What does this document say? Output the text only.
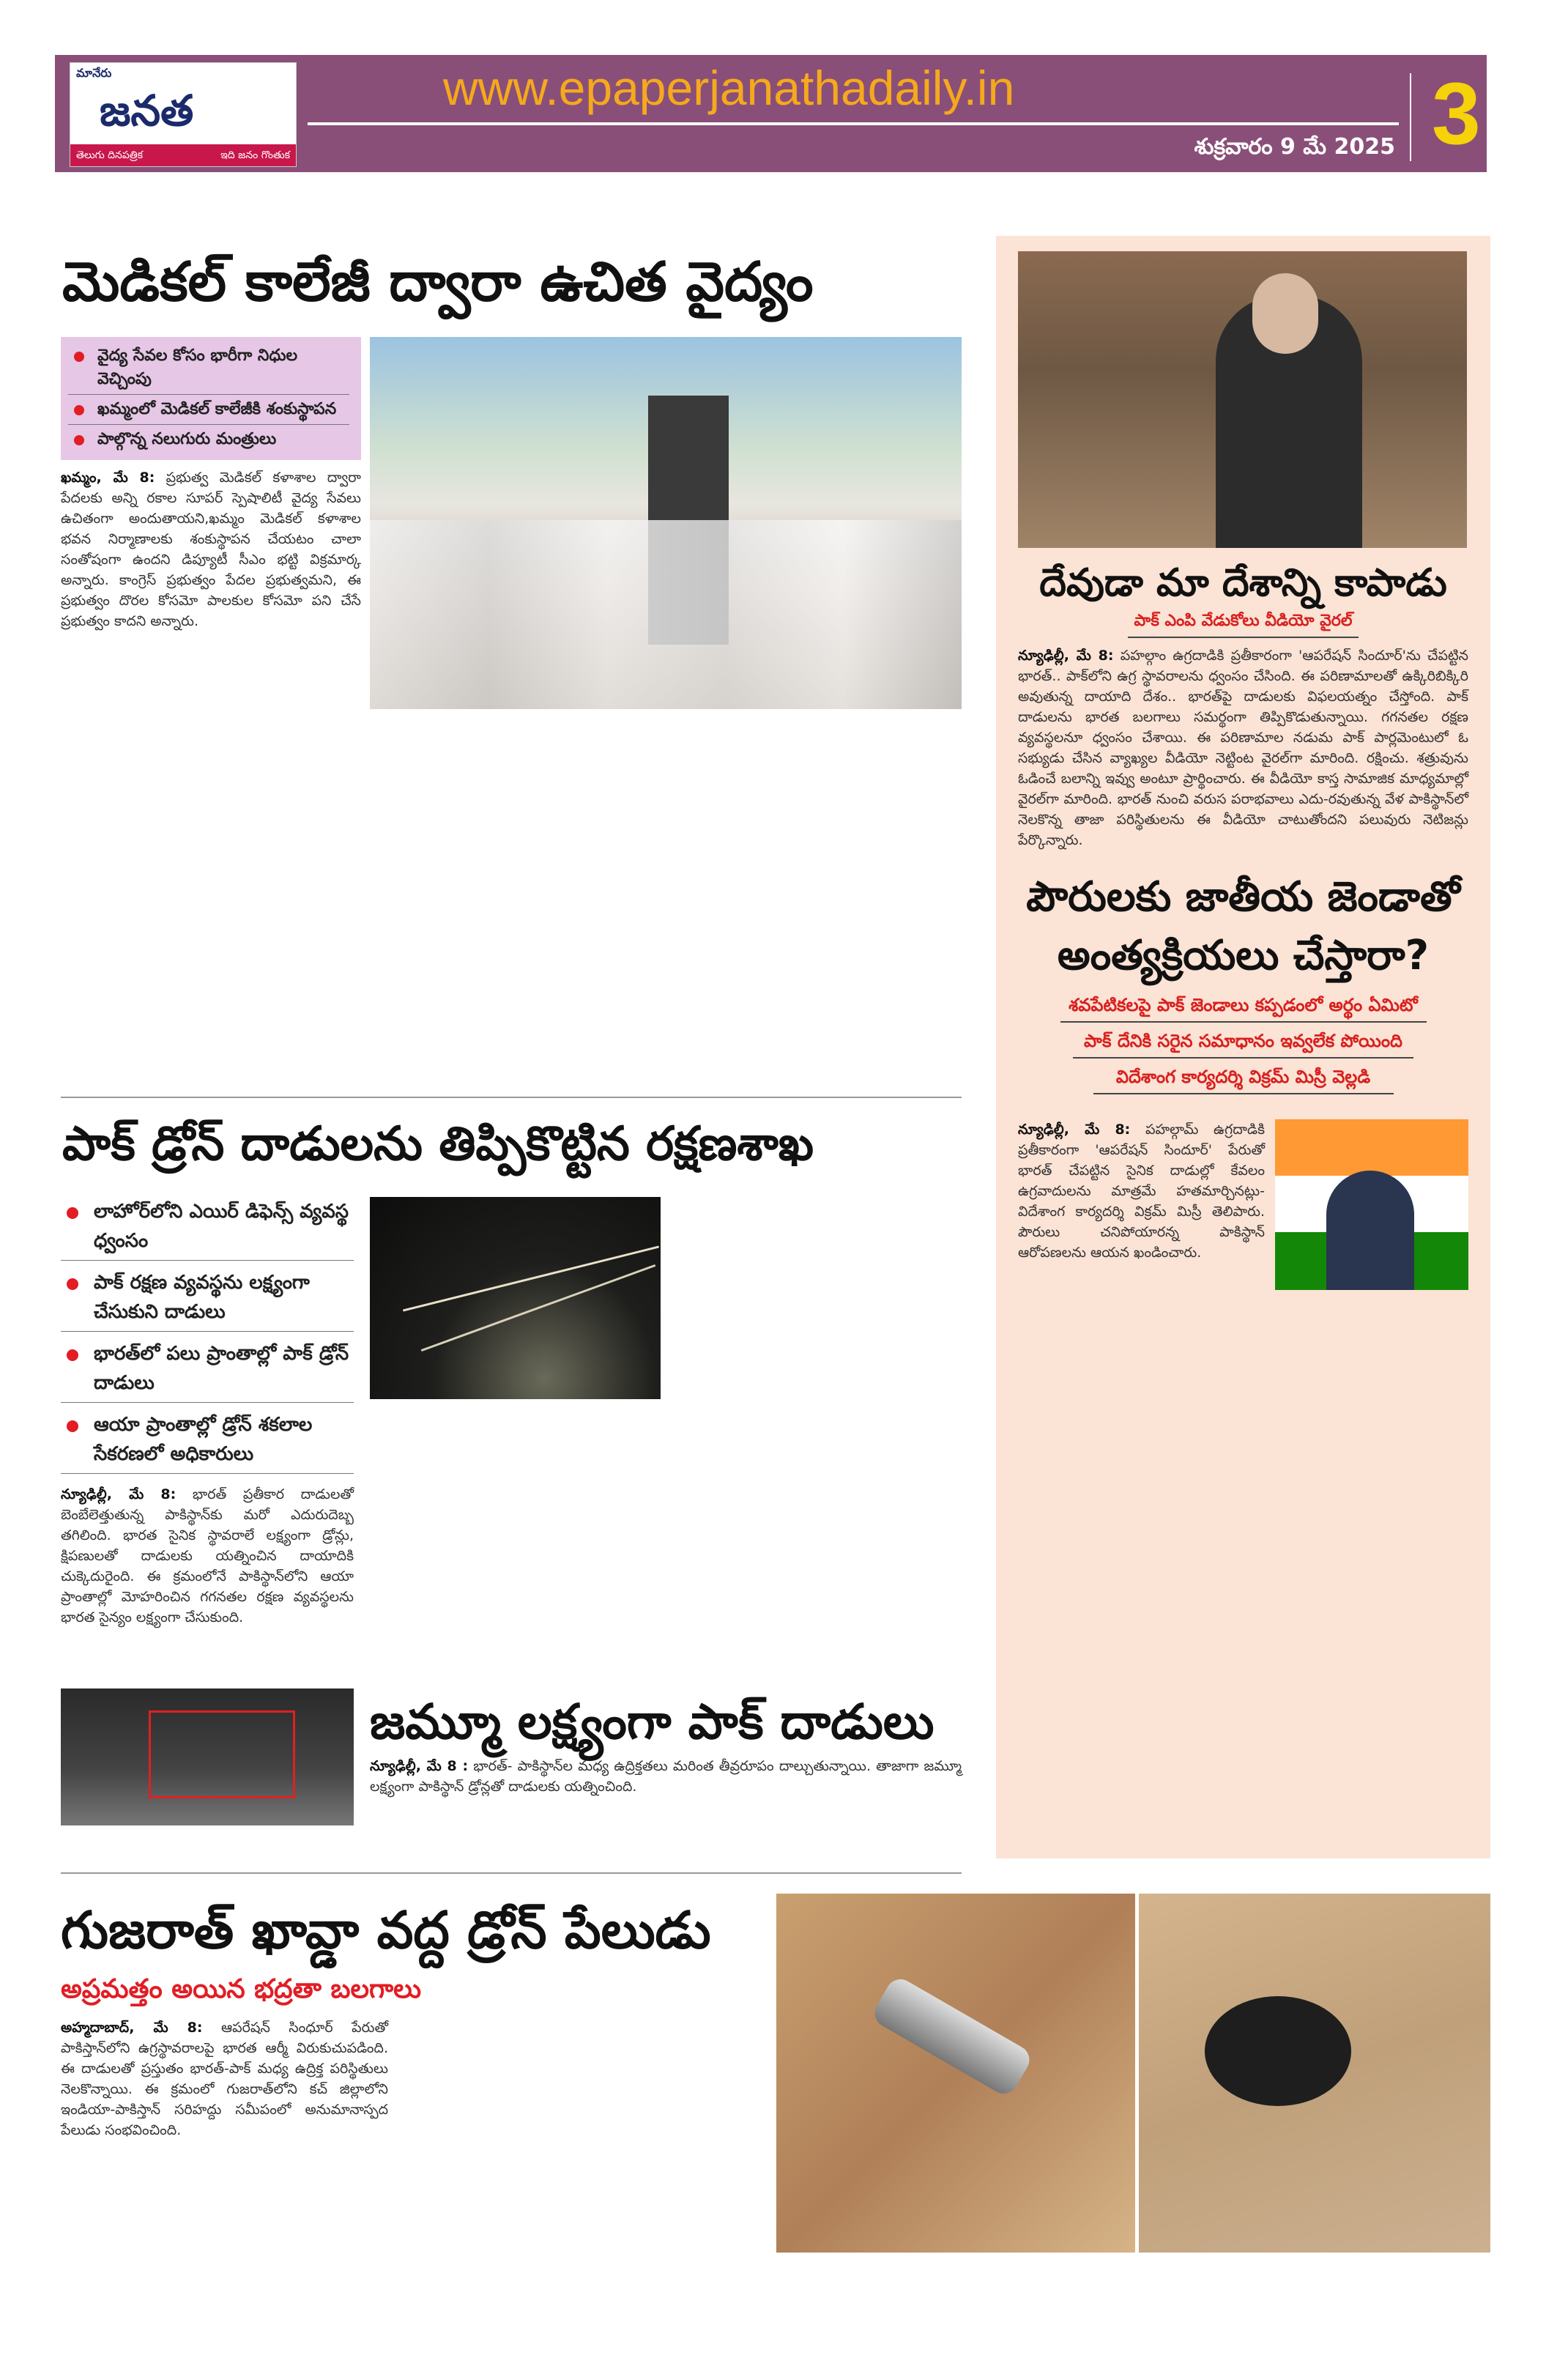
మానేరు
జనత
తెలుగు దినపత్రిక	ఇది జనం గొంతుక
www.epaperjanathadaily.in
శుక్రవారం 9 మే 2025 3
మెడికల్ కాలేజీ ద్వారా ఉచిత వైద్యం
వైద్య సేవల కోసం భారీగా నిధుల వెచ్చింపు
ఖమ్మంలో మెడికల్ కాలేజీకి శంకుస్థాపన
పాల్గొన్న నలుగురు మంత్రులు
ఖమ్మం, మే 8: ప్రభుత్వ మెడికల్ కళాశాల ద్వారా పేదలకు అన్ని రకాల సూపర్ స్పెషాలిటీ వైద్య సేవలు ఉచితంగా అందుతాయని,ఖమ్మం మెడికల్ కళాశాల భవన నిర్మాణాలకు శంకుస్థాపన చేయటం చాలా సంతోషంగా ఉందని డిప్యూటీ సీఎం భట్టి విక్రమార్క అన్నారు. కాంగ్రెస్ ప్రభుత్వం పేదల ప్రభుత్వమని, ఈ ప్రభుత్వం దొరల కోసమో పాలకుల కోసమో పని చేసే ప్రభుత్వం కాదని అన్నారు.
దేవుడా మా దేశాన్ని కాపాడు
పాక్ ఎంపి వేడుకోలు వీడియో వైరల్
న్యూఢిల్లీ, మే 8: పహల్గాం ఉగ్రదాడికి ప్రతీకారంగా 'ఆపరేషన్ సిందూర్'ను చేపట్టిన భారత్.. పాక్‌లోని ఉగ్ర స్థావరాలను ధ్వంసం చేసింది. ఈ పరిణామాలతో ఉక్కిరిబిక్కిరి అవుతున్న దాయాది దేశం.. భారత్‌పై దాడులకు విఫలయత్నం చేస్తోంది. పాక్ దాడులను భారత బలగాలు సమర్థంగా తిప్పికొడుతున్నాయి. గగనతల రక్షణ వ్యవస్థలనూ ధ్వంసం చేశాయి. ఈ పరిణామాల నడుమ పాక్ పార్లమెంటులో ఓ సభ్యుడు చేసిన వ్యాఖ్యల వీడియో నెట్టింట వైరల్‌గా మారింది. రక్షించు. శత్రువును ఓడించే బలాన్ని ఇవ్వు అంటూ ప్రార్థించారు. ఈ వీడియో కాస్త సామాజిక మాధ్యమాల్లో వైరల్‌గా మారింది. భారత్ నుంచి వరుస పరాభవాలు ఎదు-రవుతున్న వేళ పాకిస్థాన్‌లో నెలకొన్న తాజా పరిస్థితులను ఈ వీడియో చాటుతోందని పలువురు నెటిజన్లు పేర్కొన్నారు.
పౌరులకు జాతీయ జెండాతో
అంత్యక్రియలు చేస్తారా?
శవపేటికలపై పాక్ జెండాలు కప్పడంలో అర్థం ఏమిటో
పాక్ దేనికి సరైన సమాధానం ఇవ్వలేక పోయింది
విదేశాంగ కార్యదర్శి విక్రమ్ మిస్రీ వెల్లడి
న్యూఢిల్లీ, మే 8: పహల్గామ్ ఉగ్రదాడికి ప్రతీకారంగా 'ఆపరేషన్ సిందూర్' పేరుతో భారత్ చేపట్టిన సైనిక దాడుల్లో కేవలం ఉగ్రవాదులను మాత్రమే హతమార్చినట్లు- విదేశాంగ కార్యదర్శి విక్రమ్ మిస్రీ తెలిపారు. పౌరులు చనిపోయారన్న పాకిస్థాన్ ఆరోపణలను ఆయన ఖండించారు.
పాక్ డ్రోన్ దాడులను తిప్పికొట్టిన రక్షణశాఖ
లాహోర్‌లోని ఎయిర్ డిఫెన్స్ వ్యవస్థ ధ్వంసం
పాక్ రక్షణ వ్యవస్థను లక్ష్యంగా చేసుకుని దాడులు
భారత్‌లో పలు ప్రాంతాల్లో పాక్ డ్రోన్ దాడులు
ఆయా ప్రాంతాల్లో డ్రోన్ శకలాల సేకరణలో అధికారులు
న్యూఢిల్లీ, మే 8: భారత్ ప్రతీకార దాడులతో బెంబేలెత్తుతున్న పాకిస్థాన్‌కు మరో ఎదురుదెబ్బ తగిలింది. భారత సైనిక స్థావరాలే లక్ష్యంగా డ్రోన్లు, క్షిపణులతో దాడులకు యత్నించిన దాయాదికి చుక్కెదురైంది. ఈ క్రమంలోనే పాకిస్థాన్‌లోని ఆయా ప్రాంతాల్లో మోహరించిన గగనతల రక్షణ వ్యవస్థలను భారత సైన్యం లక్ష్యంగా చేసుకుంది.
జమ్మూ లక్ష్యంగా పాక్ దాడులు
న్యూఢిల్లీ, మే 8 : భారత్- పాకిస్థాన్‌ల మధ్య ఉద్రిక్తతలు మరింత తీవ్రరూపం దాల్చుతున్నాయి. తాజాగా జమ్మూ లక్ష్యంగా పాకిస్థాన్ డ్రోన్లతో దాడులకు యత్నించింది.
గుజరాత్ ఖావ్డా వద్ద డ్రోన్ పేలుడు
అప్రమత్తం అయిన భద్రతా బలగాలు
అహ్మదాబాద్, మే 8: ఆపరేషన్ సింధూర్ పేరుతో పాకిస్తాన్‌లోని ఉగ్రస్థావరాలపై భారత ఆర్మీ విరుకుచుపడింది. ఈ దాడులతో ప్రస్తుతం భారత్-పాక్ మధ్య ఉద్రిక్త పరిస్థితులు నెలకొన్నాయి. ఈ క్రమంలో గుజరాత్‌లోని కచ్ జిల్లాలోని ఇండియా-పాకిస్తాన్ సరిహద్దు సమీపంలో అనుమానాస్పద పేలుడు సంభవించింది.
